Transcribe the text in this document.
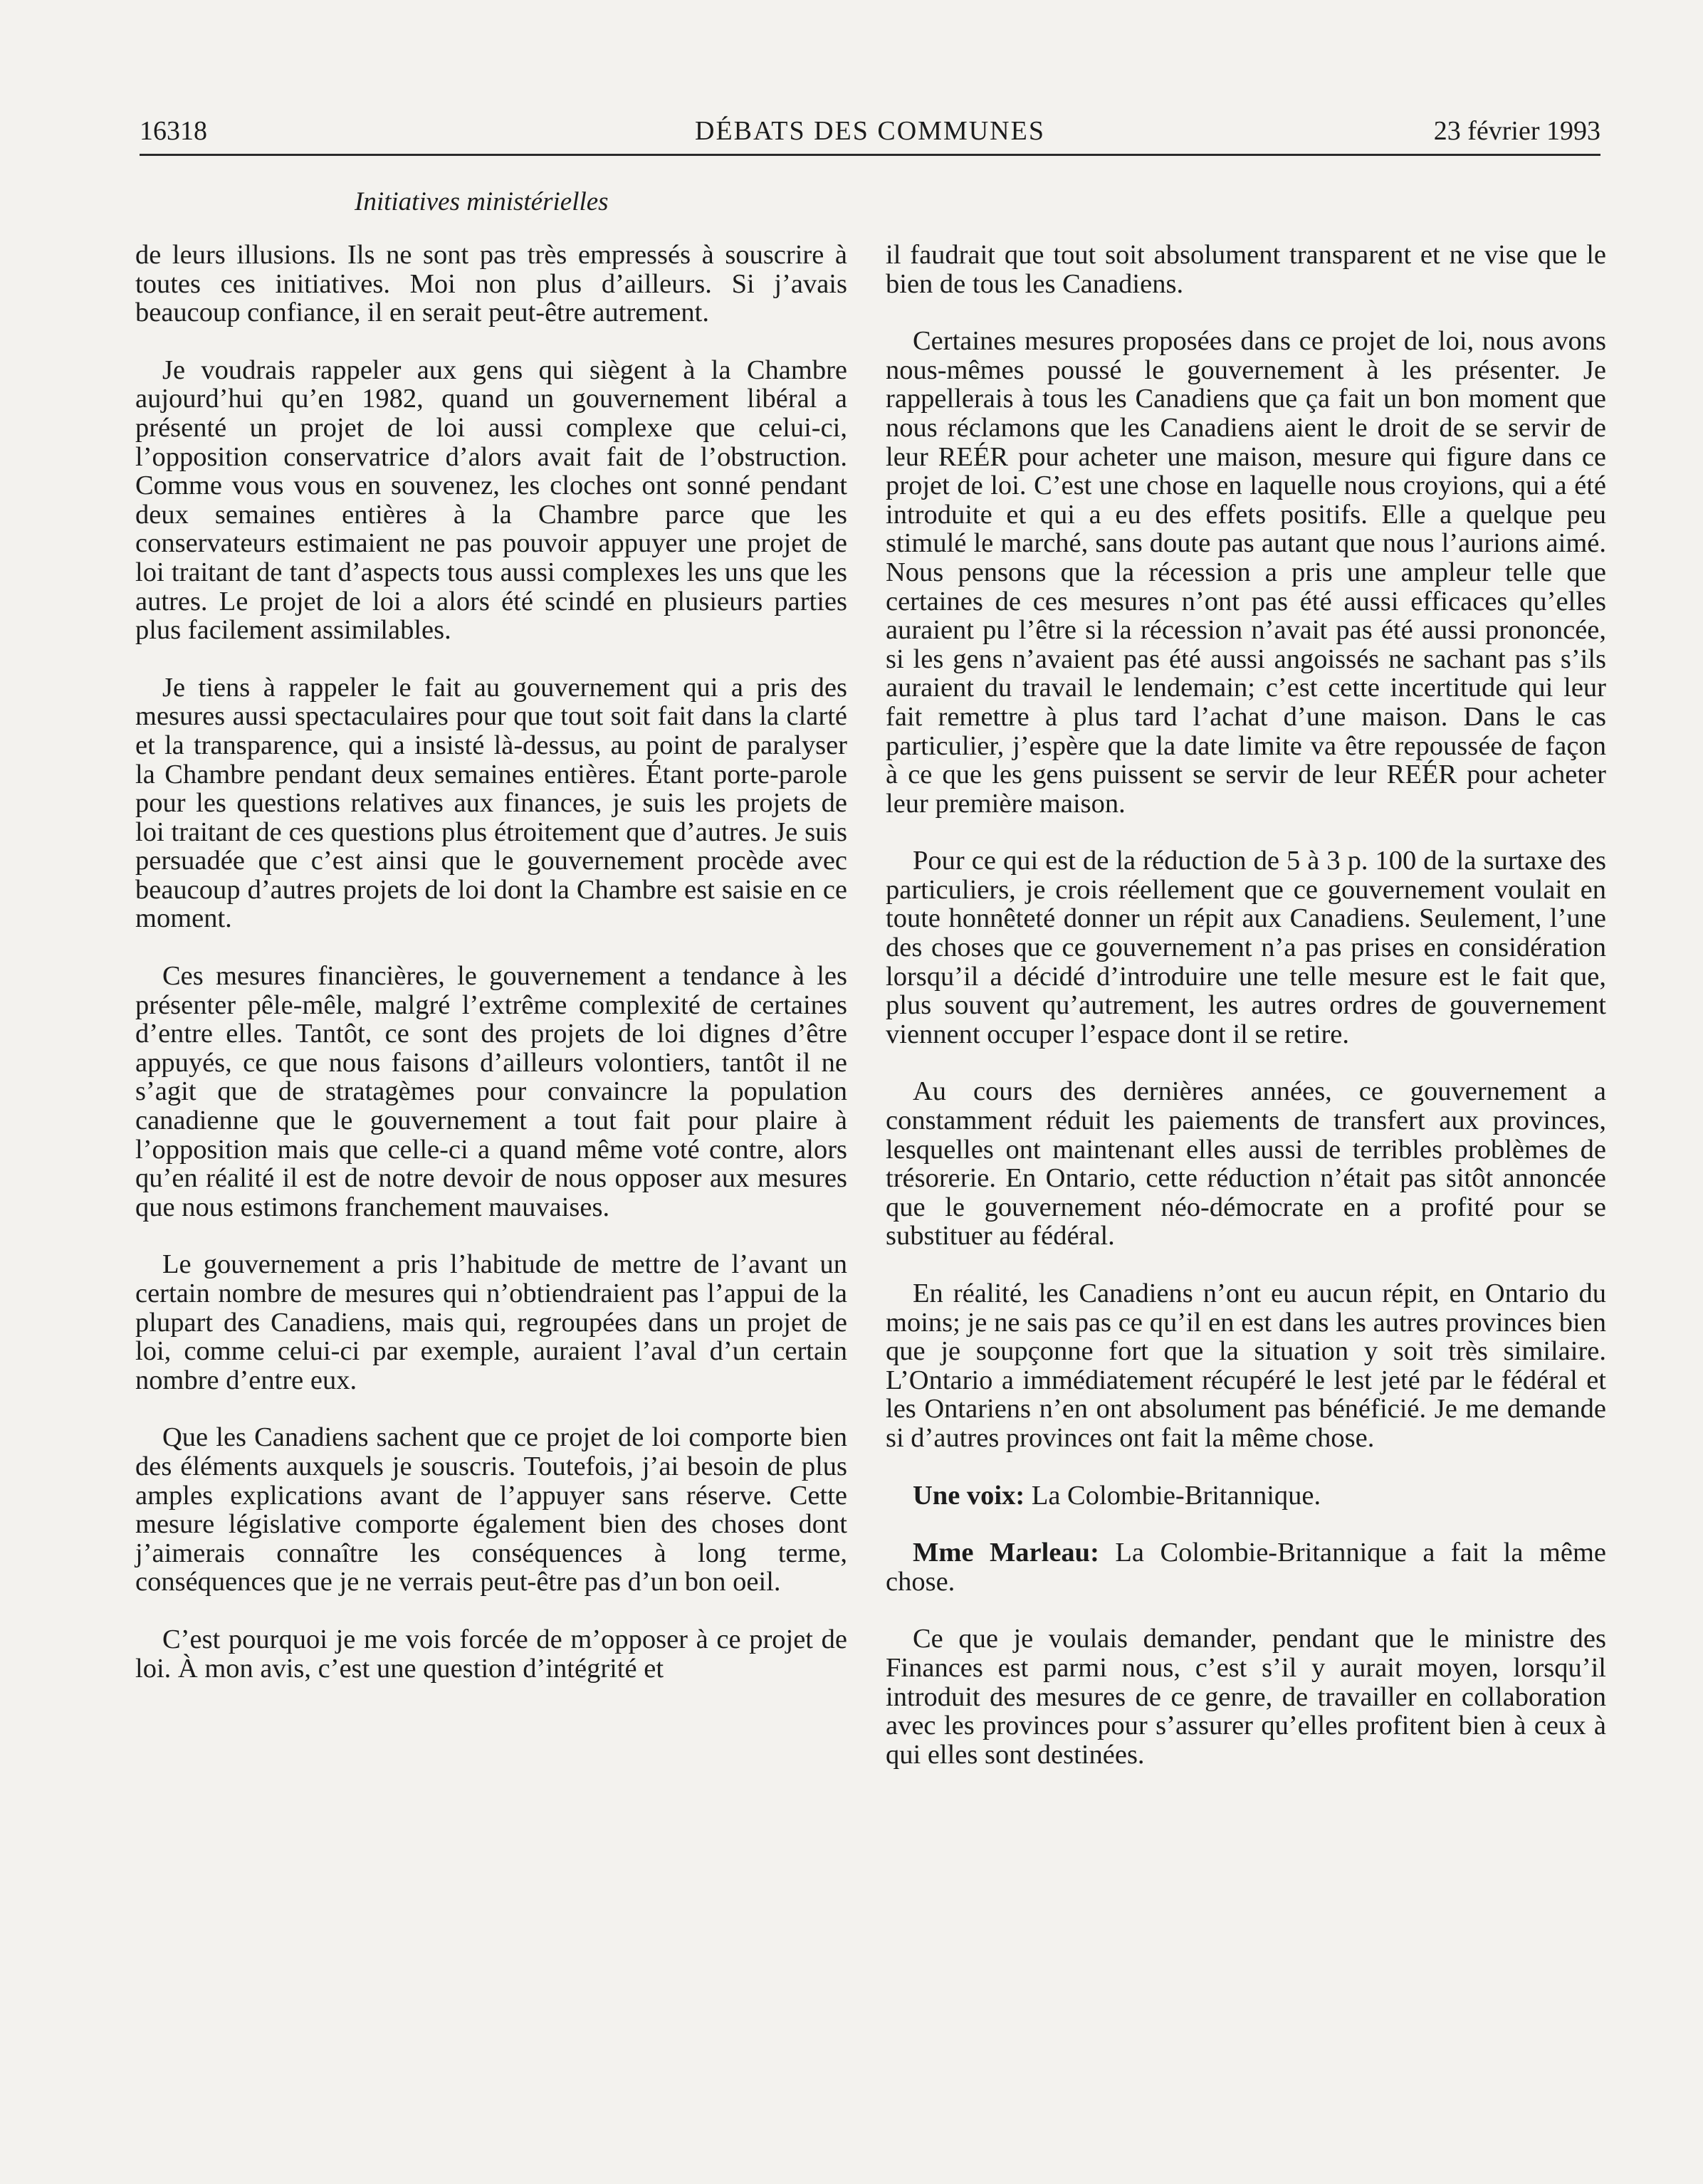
16318	DÉBATS DES COMMUNES	23 février 1993
Initiatives ministérielles

de leurs illusions. Ils ne sont pas très empressés à souscrire à toutes ces initiatives. Moi non plus d’ailleurs. Si j’avais beaucoup confiance, il en serait peut-être autrement.

Je voudrais rappeler aux gens qui siègent à la Chambre aujourd’hui qu’en 1982, quand un gouvernement libéral a présenté un projet de loi aussi complexe que celui-ci, l’opposition conservatrice d’alors avait fait de l’obstruction. Comme vous vous en souvenez, les cloches ont sonné pendant deux semaines entières à la Chambre parce que les conservateurs estimaient ne pas pouvoir appuyer une projet de loi traitant de tant d’aspects tous aussi complexes les uns que les autres. Le projet de loi a alors été scindé en plusieurs parties plus facilement assimilables.

Je tiens à rappeler le fait au gouvernement qui a pris des mesures aussi spectaculaires pour que tout soit fait dans la clarté et la transparence, qui a insisté là-dessus, au point de paralyser la Chambre pendant deux semaines entières. Étant porte-parole pour les questions relatives aux finances, je suis les projets de loi traitant de ces questions plus étroitement que d’autres. Je suis persuadée que c’est ainsi que le gouvernement procède avec beaucoup d’autres projets de loi dont la Chambre est saisie en ce moment.

Ces mesures financières, le gouvernement a tendance à les présenter pêle-mêle, malgré l’extrême complexité de certaines d’entre elles. Tantôt, ce sont des projets de loi dignes d’être appuyés, ce que nous faisons d’ailleurs volontiers, tantôt il ne s’agit que de stratagèmes pour convaincre la population canadienne que le gouvernement a tout fait pour plaire à l’opposition mais que celle-ci a quand même voté contre, alors qu’en réalité il est de notre devoir de nous opposer aux mesures que nous estimons franchement mauvaises.

Le gouvernement a pris l’habitude de mettre de l’avant un certain nombre de mesures qui n’obtiendraient pas l’appui de la plupart des Canadiens, mais qui, regroupées dans un projet de loi, comme celui-ci par exemple, auraient l’aval d’un certain nombre d’entre eux.

Que les Canadiens sachent que ce projet de loi comporte bien des éléments auxquels je souscris. Toutefois, j’ai besoin de plus amples explications avant de l’appuyer sans réserve. Cette mesure législative comporte également bien des choses dont j’aimerais connaître les conséquences à long terme, conséquences que je ne verrais peut-être pas d’un bon oeil.

C’est pourquoi je me vois forcée de m’opposer à ce projet de loi. À mon avis, c’est une question d’intégrité et

il faudrait que tout soit absolument transparent et ne vise que le bien de tous les Canadiens.

Certaines mesures proposées dans ce projet de loi, nous avons nous-mêmes poussé le gouvernement à les présenter. Je rappellerais à tous les Canadiens que ça fait un bon moment que nous réclamons que les Canadiens aient le droit de se servir de leur REÉR pour acheter une maison, mesure qui figure dans ce projet de loi. C’est une chose en laquelle nous croyions, qui a été introduite et qui a eu des effets positifs. Elle a quelque peu stimulé le marché, sans doute pas autant que nous l’aurions aimé. Nous pensons que la récession a pris une ampleur telle que certaines de ces mesures n’ont pas été aussi efficaces qu’elles auraient pu l’être si la récession n’avait pas été aussi prononcée, si les gens n’avaient pas été aussi angoissés ne sachant pas s’ils auraient du travail le lendemain; c’est cette incertitude qui leur fait remettre à plus tard l’achat d’une maison. Dans le cas particulier, j’espère que la date limite va être repoussée de façon à ce que les gens puissent se servir de leur REÉR pour acheter leur première maison.

Pour ce qui est de la réduction de 5 à 3 p. 100 de la surtaxe des particuliers, je crois réellement que ce gouvernement voulait en toute honnêteté donner un répit aux Canadiens. Seulement, l’une des choses que ce gouvernement n’a pas prises en considération lorsqu’il a décidé d’introduire une telle mesure est le fait que, plus souvent qu’autrement, les autres ordres de gouvernement viennent occuper l’espace dont il se retire.

Au cours des dernières années, ce gouvernement a constamment réduit les paiements de transfert aux provinces, lesquelles ont maintenant elles aussi de terribles problèmes de trésorerie. En Ontario, cette réduction n’était pas sitôt annoncée que le gouvernement néo-démocrate en a profité pour se substituer au fédéral.

En réalité, les Canadiens n’ont eu aucun répit, en Ontario du moins; je ne sais pas ce qu’il en est dans les autres provinces bien que je soupçonne fort que la situation y soit très similaire. L’Ontario a immédiatement récupéré le lest jeté par le fédéral et les Ontariens n’en ont absolument pas bénéficié. Je me demande si d’autres provinces ont fait la même chose.

Une voix: La Colombie-Britannique.

Mme Marleau: La Colombie-Britannique a fait la même chose.

Ce que je voulais demander, pendant que le ministre des Finances est parmi nous, c’est s’il y aurait moyen, lorsqu’il introduit des mesures de ce genre, de travailler en collaboration avec les provinces pour s’assurer qu’elles profitent bien à ceux à qui elles sont destinées.
